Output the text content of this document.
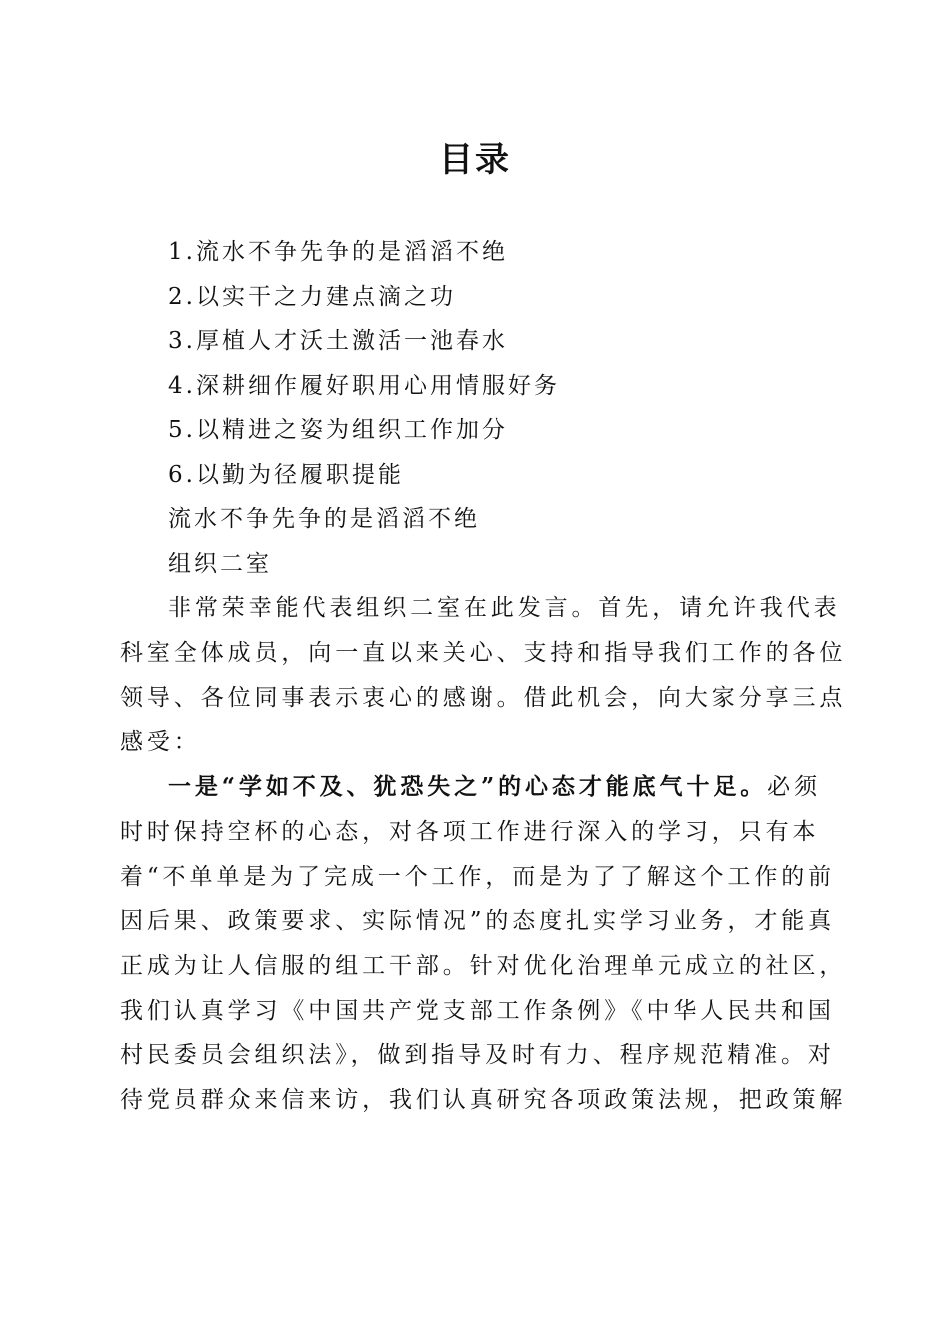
目录
1.流水不争先争的是滔滔不绝
2.以实干之力建点滴之功
3.厚植人才沃土激活一池春水
4.深耕细作履好职用心用情服好务
5.以精进之姿为组织工作加分
6.以勤为径履职提能
流水不争先争的是滔滔不绝
组织二室
非常荣幸能代表组织二室在此发言。首先，请允许我代表
科室全体成员，向一直以来关心、支持和指导我们工作的各位
领导、各位同事表示衷心的感谢。借此机会，向大家分享三点
感受：
一是“学如不及、犹恐失之”的心态才能底气十足。必须
时时保持空杯的心态，对各项工作进行深入的学习，只有本
着“不单单是为了完成一个工作，而是为了了解这个工作的前
因后果、政策要求、实际情况”的态度扎实学习业务，才能真
正成为让人信服的组工干部。针对优化治理单元成立的社区，
我们认真学习《中国共产党支部工作条例》《中华人民共和国
村民委员会组织法》，做到指导及时有力、程序规范精准。对
待党员群众来信来访，我们认真研究各项政策法规，把政策解
